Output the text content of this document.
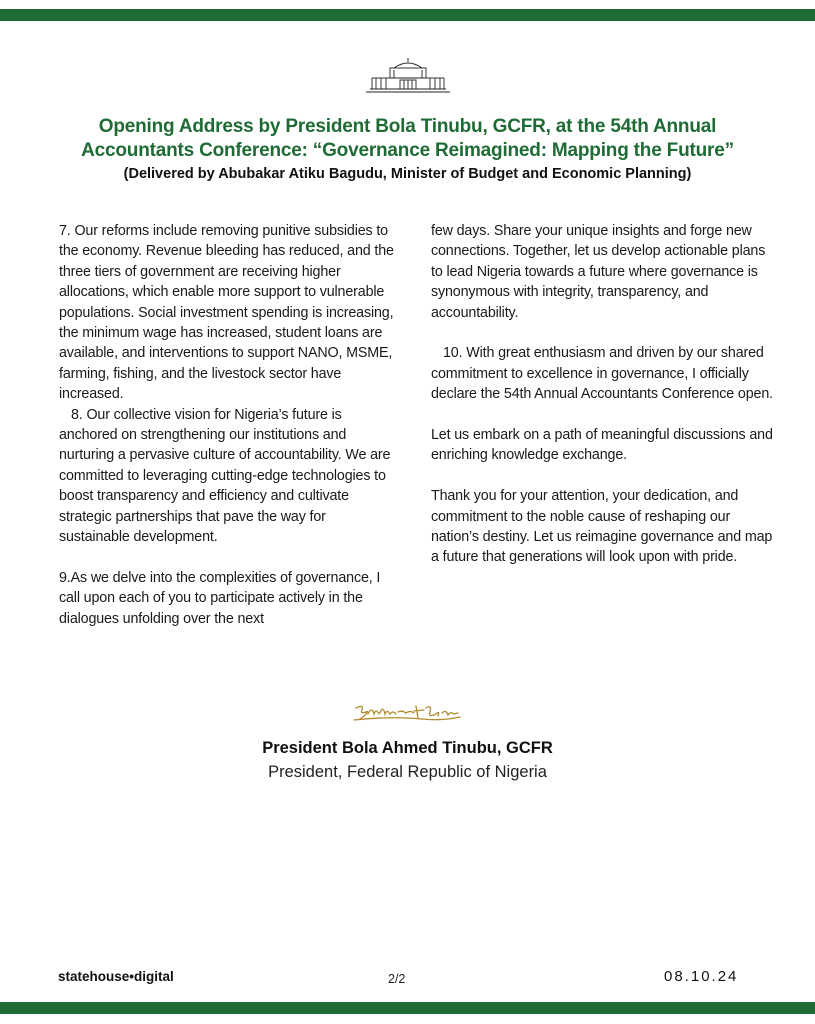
Opening Address by President Bola Tinubu, GCFR, at the 54th Annual
Accountants Conference: “Governance Reimagined: Mapping the Future”
(Delivered by Abubakar Atiku Bagudu, Minister of Budget and Economic Planning)

7. Our reforms include removing punitive subsidies to the economy. Revenue bleeding has reduced, and the three tiers of government are receiving higher allocations, which enable more support to vulnerable populations. Social investment spending is increasing, the minimum wage has increased, student loans are available, and interventions to support NANO, MSME, farming, fishing, and the livestock sector have increased.

8. Our collective vision for Nigeria’s future is anchored on strengthening our institutions and nurturing a pervasive culture of accountability. We are committed to leveraging cutting-edge technologies to boost transparency and efficiency and cultivate strategic partnerships that pave the way for sustainable development.

9.As we delve into the complexities of governance, I call upon each of you to participate actively in the dialogues unfolding over the next

few days. Share your unique insights and forge new connections. Together, let us develop actionable plans to lead Nigeria towards a future where governance is synonymous with integrity, transparency, and accountability.

10. With great enthusiasm and driven by our shared commitment to excellence in governance, I officially declare the 54th Annual Accountants Conference open.

Let us embark on a path of meaningful discussions and enriching knowledge exchange.

Thank you for your attention, your dedication, and commitment to the noble cause of reshaping our nation’s destiny. Let us reimagine governance and map a future that generations will look upon with pride.

President Bola Ahmed Tinubu, GCFR
President, Federal Republic of Nigeria
statehouse•digital	2/2	08.10.24
